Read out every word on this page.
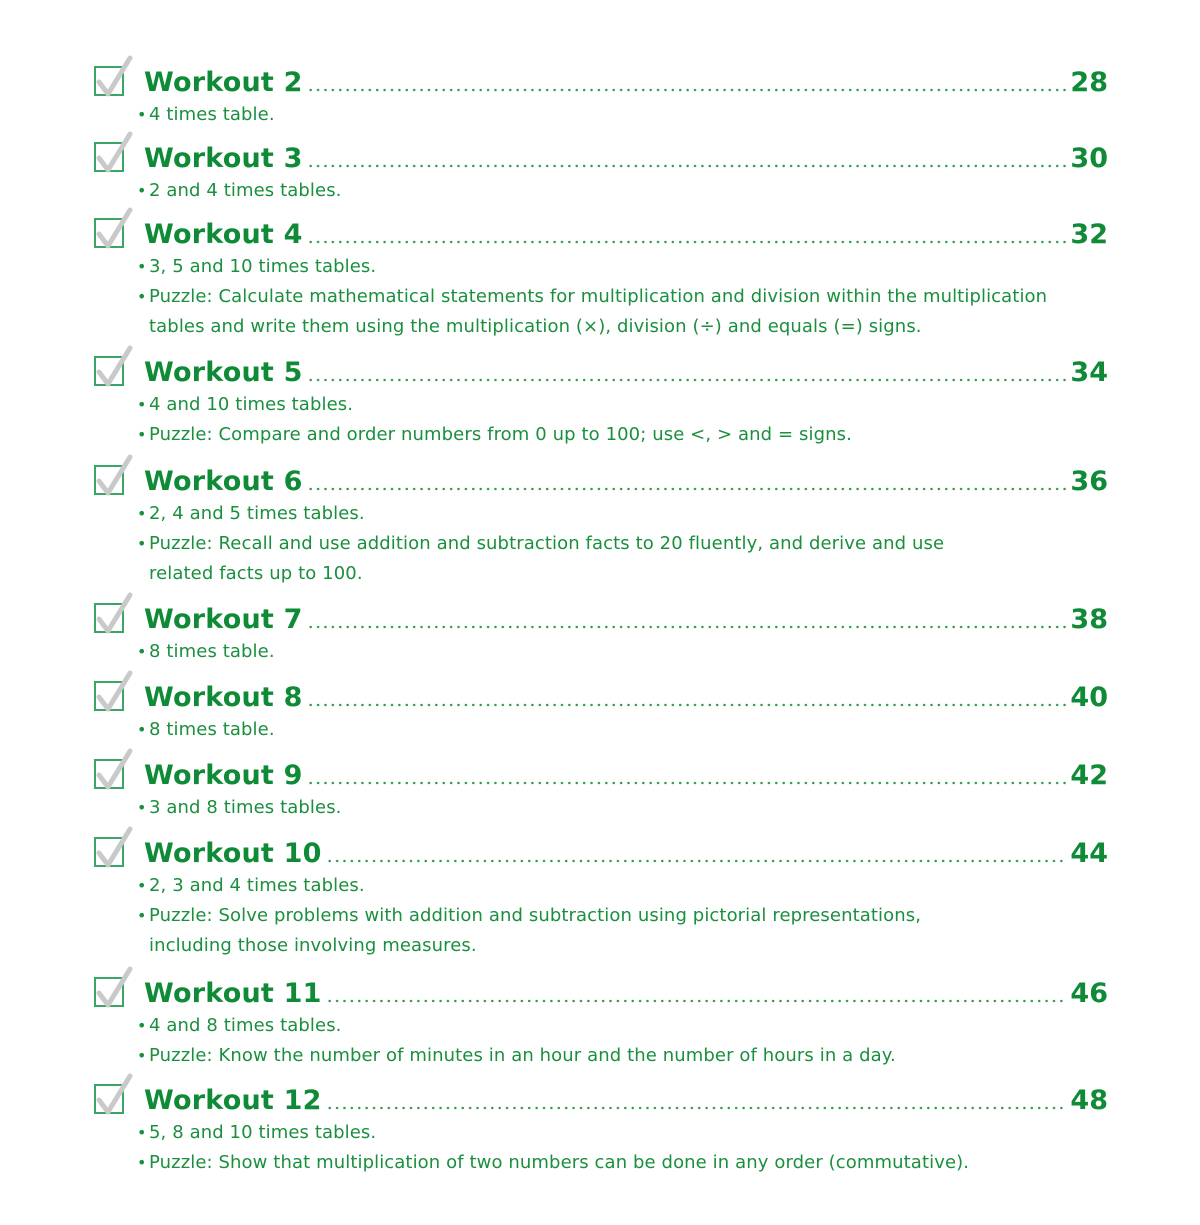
Workout 2	28
• 4 times table.
Workout 3	30
• 2 and 4 times tables.
Workout 4	32
• 3, 5 and 10 times tables.
• Puzzle: Calculate mathematical statements for multiplication and division within the multiplication tables and write them using the multiplication (×), division (÷) and equals (=) signs.
Workout 5	34
• 4 and 10 times tables.
• Puzzle: Compare and order numbers from 0 up to 100; use <, > and = signs.
Workout 6	36
• 2, 4 and 5 times tables.
• Puzzle: Recall and use addition and subtraction facts to 20 fluently, and derive and use related facts up to 100.
Workout 7	38
• 8 times table.
Workout 8	40
• 8 times table.
Workout 9	42
• 3 and 8 times tables.
Workout 10	44
• 2, 3 and 4 times tables.
• Puzzle: Solve problems with addition and subtraction using pictorial representations, including those involving measures.
Workout 11	46
• 4 and 8 times tables.
• Puzzle: Know the number of minutes in an hour and the number of hours in a day.
Workout 12	48
• 5, 8 and 10 times tables.
• Puzzle: Show that multiplication of two numbers can be done in any order (commutative).
